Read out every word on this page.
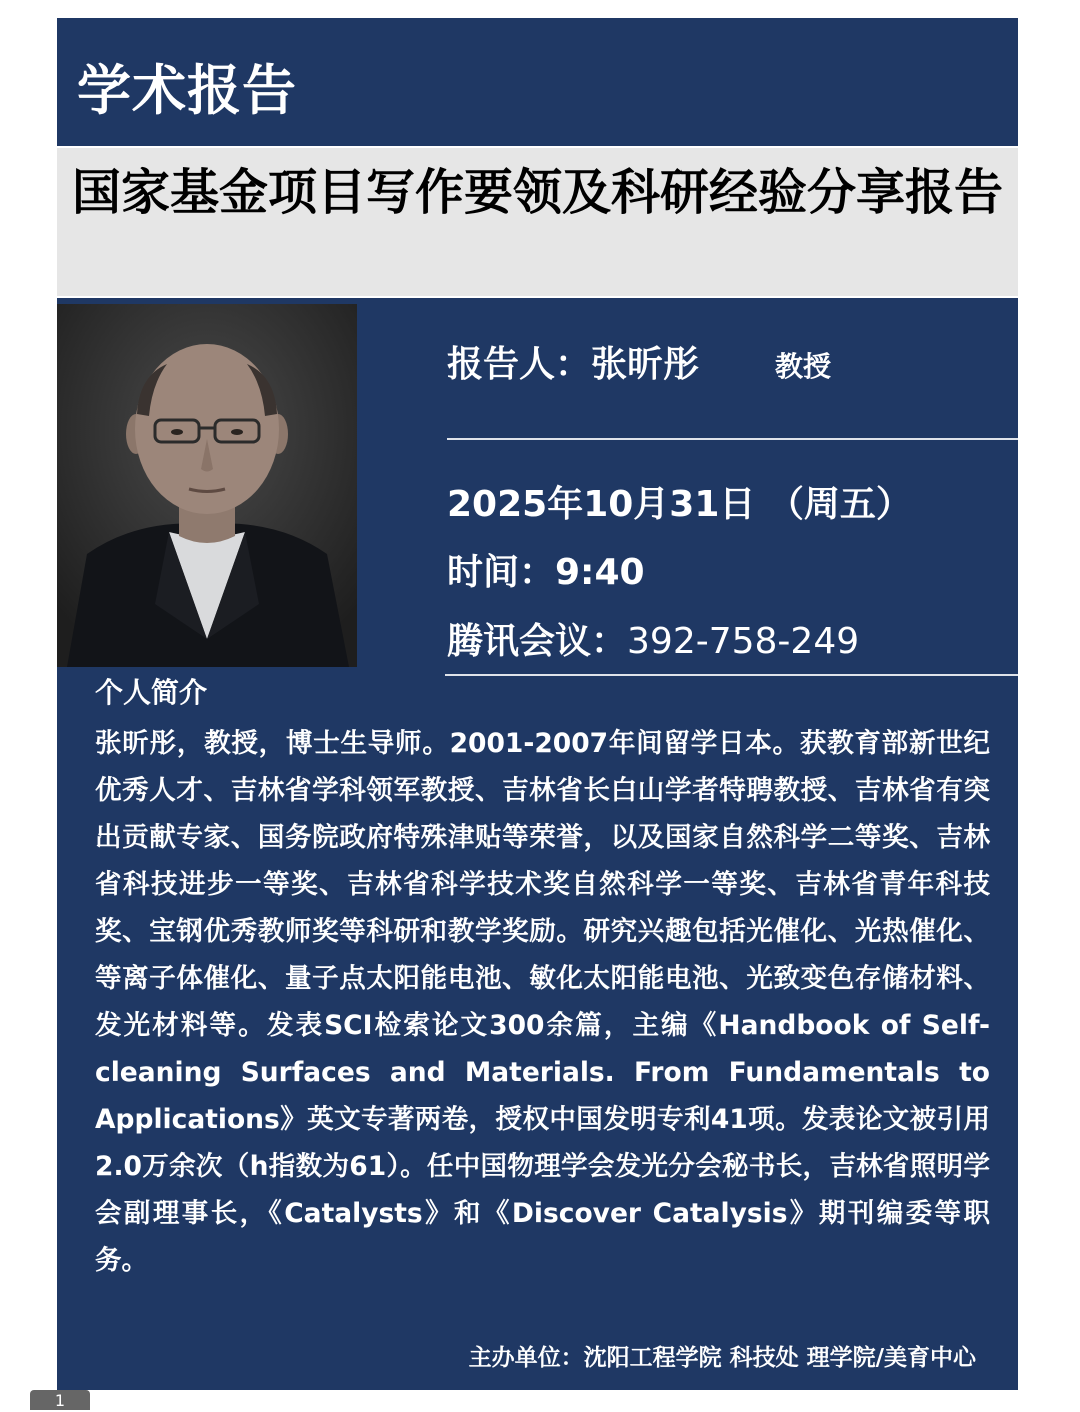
学术报告
国家基金项目写作要领及科研经验分享报告
报告人：张昕彤	教授
2025年10月31日 （周五）
时间：9:40
腾讯会议：392-758-249
个人简介
张昕彤，教授，博士生导师。2001-2007年间留学日本。获教育部新世纪优秀人才、吉林省学科领军教授、吉林省长白山学者特聘教授、吉林省有突出贡献专家、国务院政府特殊津贴等荣誉，以及国家自然科学二等奖、吉林省科技进步一等奖、吉林省科学技术奖自然科学一等奖、吉林省青年科技奖、宝钢优秀教师奖等科研和教学奖励。研究兴趣包括光催化、光热催化、等离子体催化、量子点太阳能电池、敏化太阳能电池、光致变色存储材料、发光材料等。发表SCI检索论文300余篇，主编《Handbook of Self-cleaning Surfaces and Materials. From Fundamentals to Applications》英文专著两卷，授权中国发明专利41项。发表论文被引用2.0万余次（h指数为61）。任中国物理学会发光分会秘书长，吉林省照明学会副理事长，《Catalysts》和《Discover Catalysis》期刊编委等职务。
主办单位：沈阳工程学院 科技处 理学院/美育中心
1
